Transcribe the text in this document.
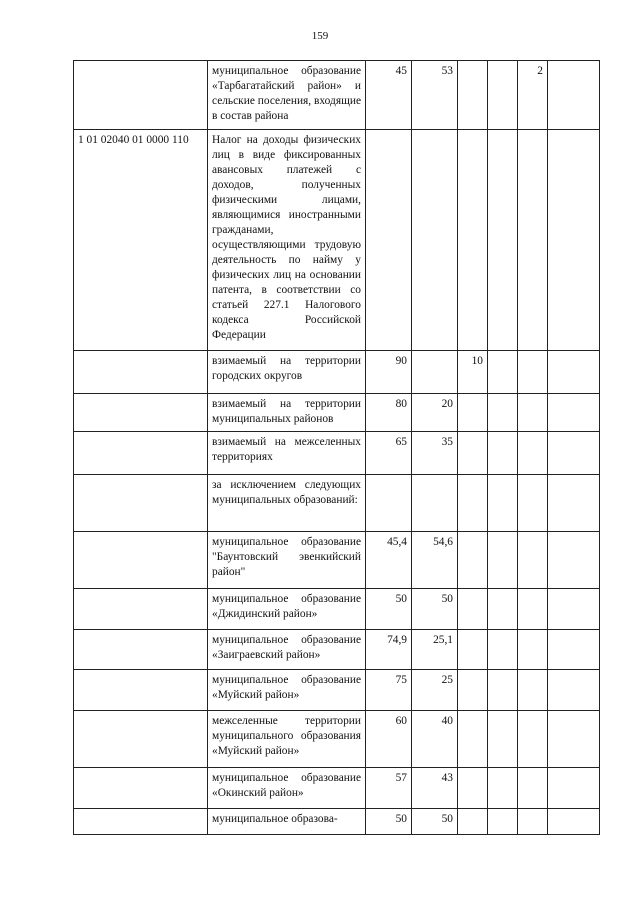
159
	муниципальное образование «Тарбагатайский район» и сельские поселения, входящие в состав района	45	53			2	
1 01 02040 01 0000 110	Налог на доходы физических лиц в виде фиксированных авансовых платежей с доходов, полученных физическими лицами, являющимися иностранными гражданами, осуществляющими трудовую деятельность по найму у физических лиц на основании патента, в соответствии со статьей 227.1 Налогового кодекса Российской Федерации						
	взимаемый на территории городских округов	90		10			
	взимаемый на территории муниципальных районов	80	20				
	взимаемый на межселенных территориях	65	35				
	за исключением следующих муниципальных образований:						
	муниципальное образование "Баунтовский эвенкийский район"	45,4	54,6				
	муниципальное образование «Джидинский район»	50	50				
	муниципальное образование «Заиграевский район»	74,9	25,1				
	муниципальное образование «Муйский район»	75	25				
	межселенные территории муниципального образования «Муйский район»	60	40				
	муниципальное образование «Окинский район»	57	43				
	муниципальное образова-	50	50				
